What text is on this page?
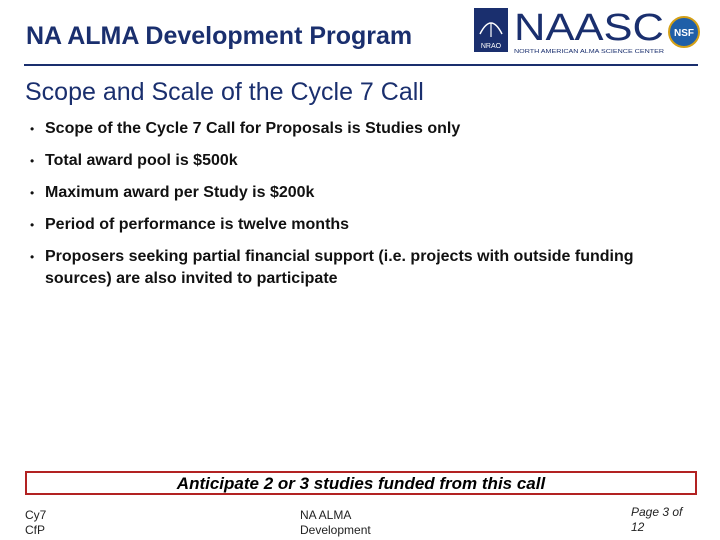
NA ALMA Development Program	NRAO NAASC
NORTH AMERICAN ALMA SCIENCE CENTER
NSF
Scope and Scale of the Cycle 7 Call
• Scope of the Cycle 7 Call for Proposals is Studies only
• Total award pool is $500k
• Maximum award per Study is $200k
• Period of performance is twelve months
• Proposers seeking partial financial support (i.e. projects with outside funding sources) are also invited to participate
Anticipate 2 or 3 studies funded from this call
Cy7 CfP
NA ALMA Development
Page 3 of 12
